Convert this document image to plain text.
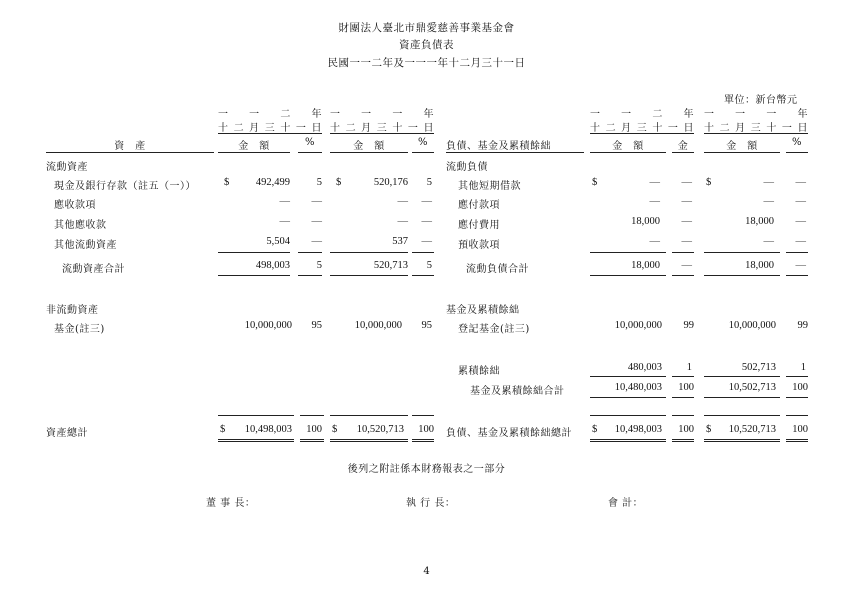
財團法人臺北市鼎愛慈善事業基金會
資產負債表
民國一一二年及一一一年十二月三十一日
單位：新台幣元
一 一 二 年 一 一 一 年
十 二 月 三 十 一 日 十 二 月 三 十 一 日
一 一 二 年 一 一 一 年
十 二 月 三 十 一 日 十 二 月 三 十 一 日
資　產	金　額	%	金　額	%	負債、基金及累積餘絀	金　額	金	金　額	%
流動資產
現金及銀行存款（註五（一））	$	492,499	5 $	520,176	5
應收款項	—	—	—	—
其他應收款	—	—	—	—
其他流動資產	5,504	—	537	—
流動資產合計	498,003	5	520,713	5
非流動資產
基金(註三)	10,000,000	95	10,000,000	95
資產總計	$	10,498,003	100 $	10,520,713	100
流動負債
其他短期借款	$	—	— $	—	—
應付款項	—	—	—	—
應付費用	18,000	—	18,000	—
預收款項	—	—	—	—
流動負債合計	18,000	—	18,000	—
基金及累積餘絀
登記基金(註三)	10,000,000	99	10,000,000	99
累積餘絀	480,003	1	502,713	1
基金及累積餘絀合計	10,480,003	100	10,502,713	100
負債、基金及累積餘絀總計 $	10,498,003	100 $	10,520,713	100
後列之附註係本財務報表之一部分
董 事 長：	執 行 長：	會 計：
4
